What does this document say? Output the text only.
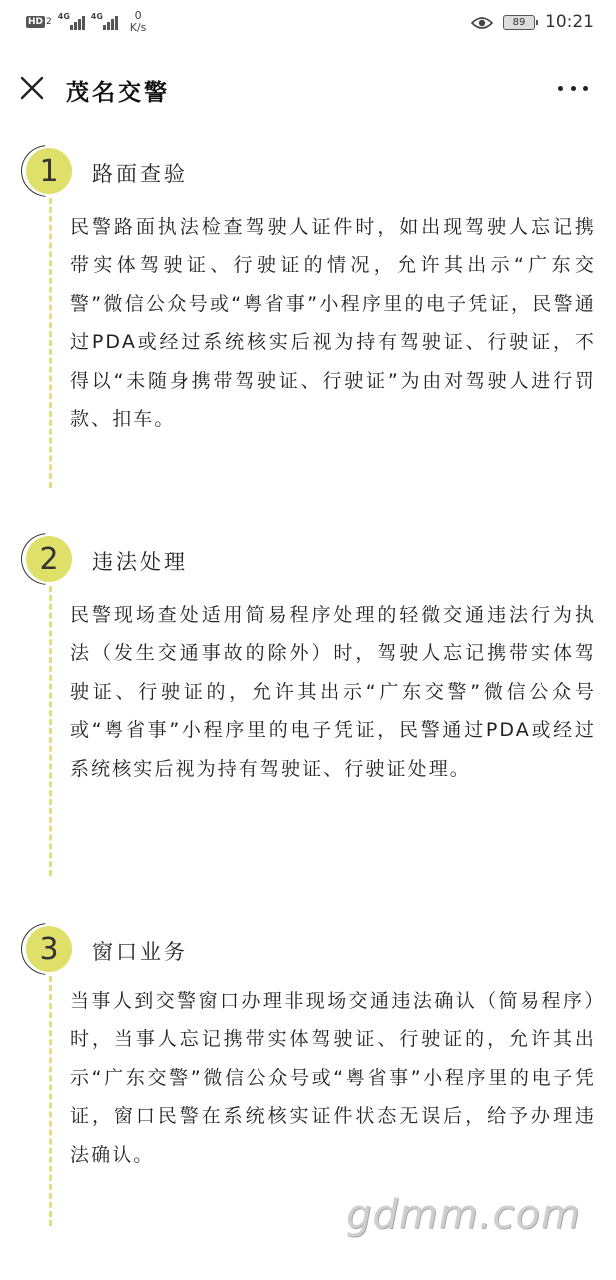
HD 2
4G	4G	0
K/s	89 10:21
茂名交警
1 路面查验
民警路面执法检查驾驶人证件时，如出现驾驶人忘记携带实体驾驶证、行驶证的情况，允许其出示“广东交警”微信公众号或“粤省事”小程序里的电子凭证，民警通过PDA或经过系统核实后视为持有驾驶证、行驶证，不得以“未随身携带驾驶证、行驶证”为由对驾驶人进行罚款、扣车。
2 违法处理
民警现场查处适用简易程序处理的轻微交通违法行为执法（发生交通事故的除外）时，驾驶人忘记携带实体驾驶证、行驶证的，允许其出示“广东交警”微信公众号或“粤省事”小程序里的电子凭证，民警通过PDA或经过系统核实后视为持有驾驶证、行驶证处理。
3 窗口业务
当事人到交警窗口办理非现场交通违法确认（简易程序）时，当事人忘记携带实体驾驶证、行驶证的，允许其出示“广东交警”微信公众号或“粤省事”小程序里的电子凭证，窗口民警在系统核实证件状态无误后，给予办理违法确认。
gdmm.com
